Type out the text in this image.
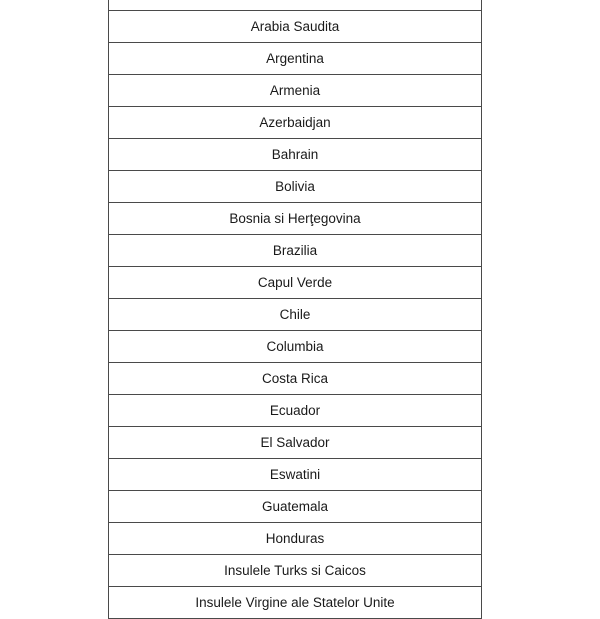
Arabia Saudita
Argentina
Armenia
Azerbaidjan
Bahrain
Bolivia
Bosnia si Herţegovina
Brazilia
Capul Verde
Chile
Columbia
Costa Rica
Ecuador
El Salvador
Eswatini
Guatemala
Honduras
Insulele Turks si Caicos
Insulele Virgine ale Statelor Unite
